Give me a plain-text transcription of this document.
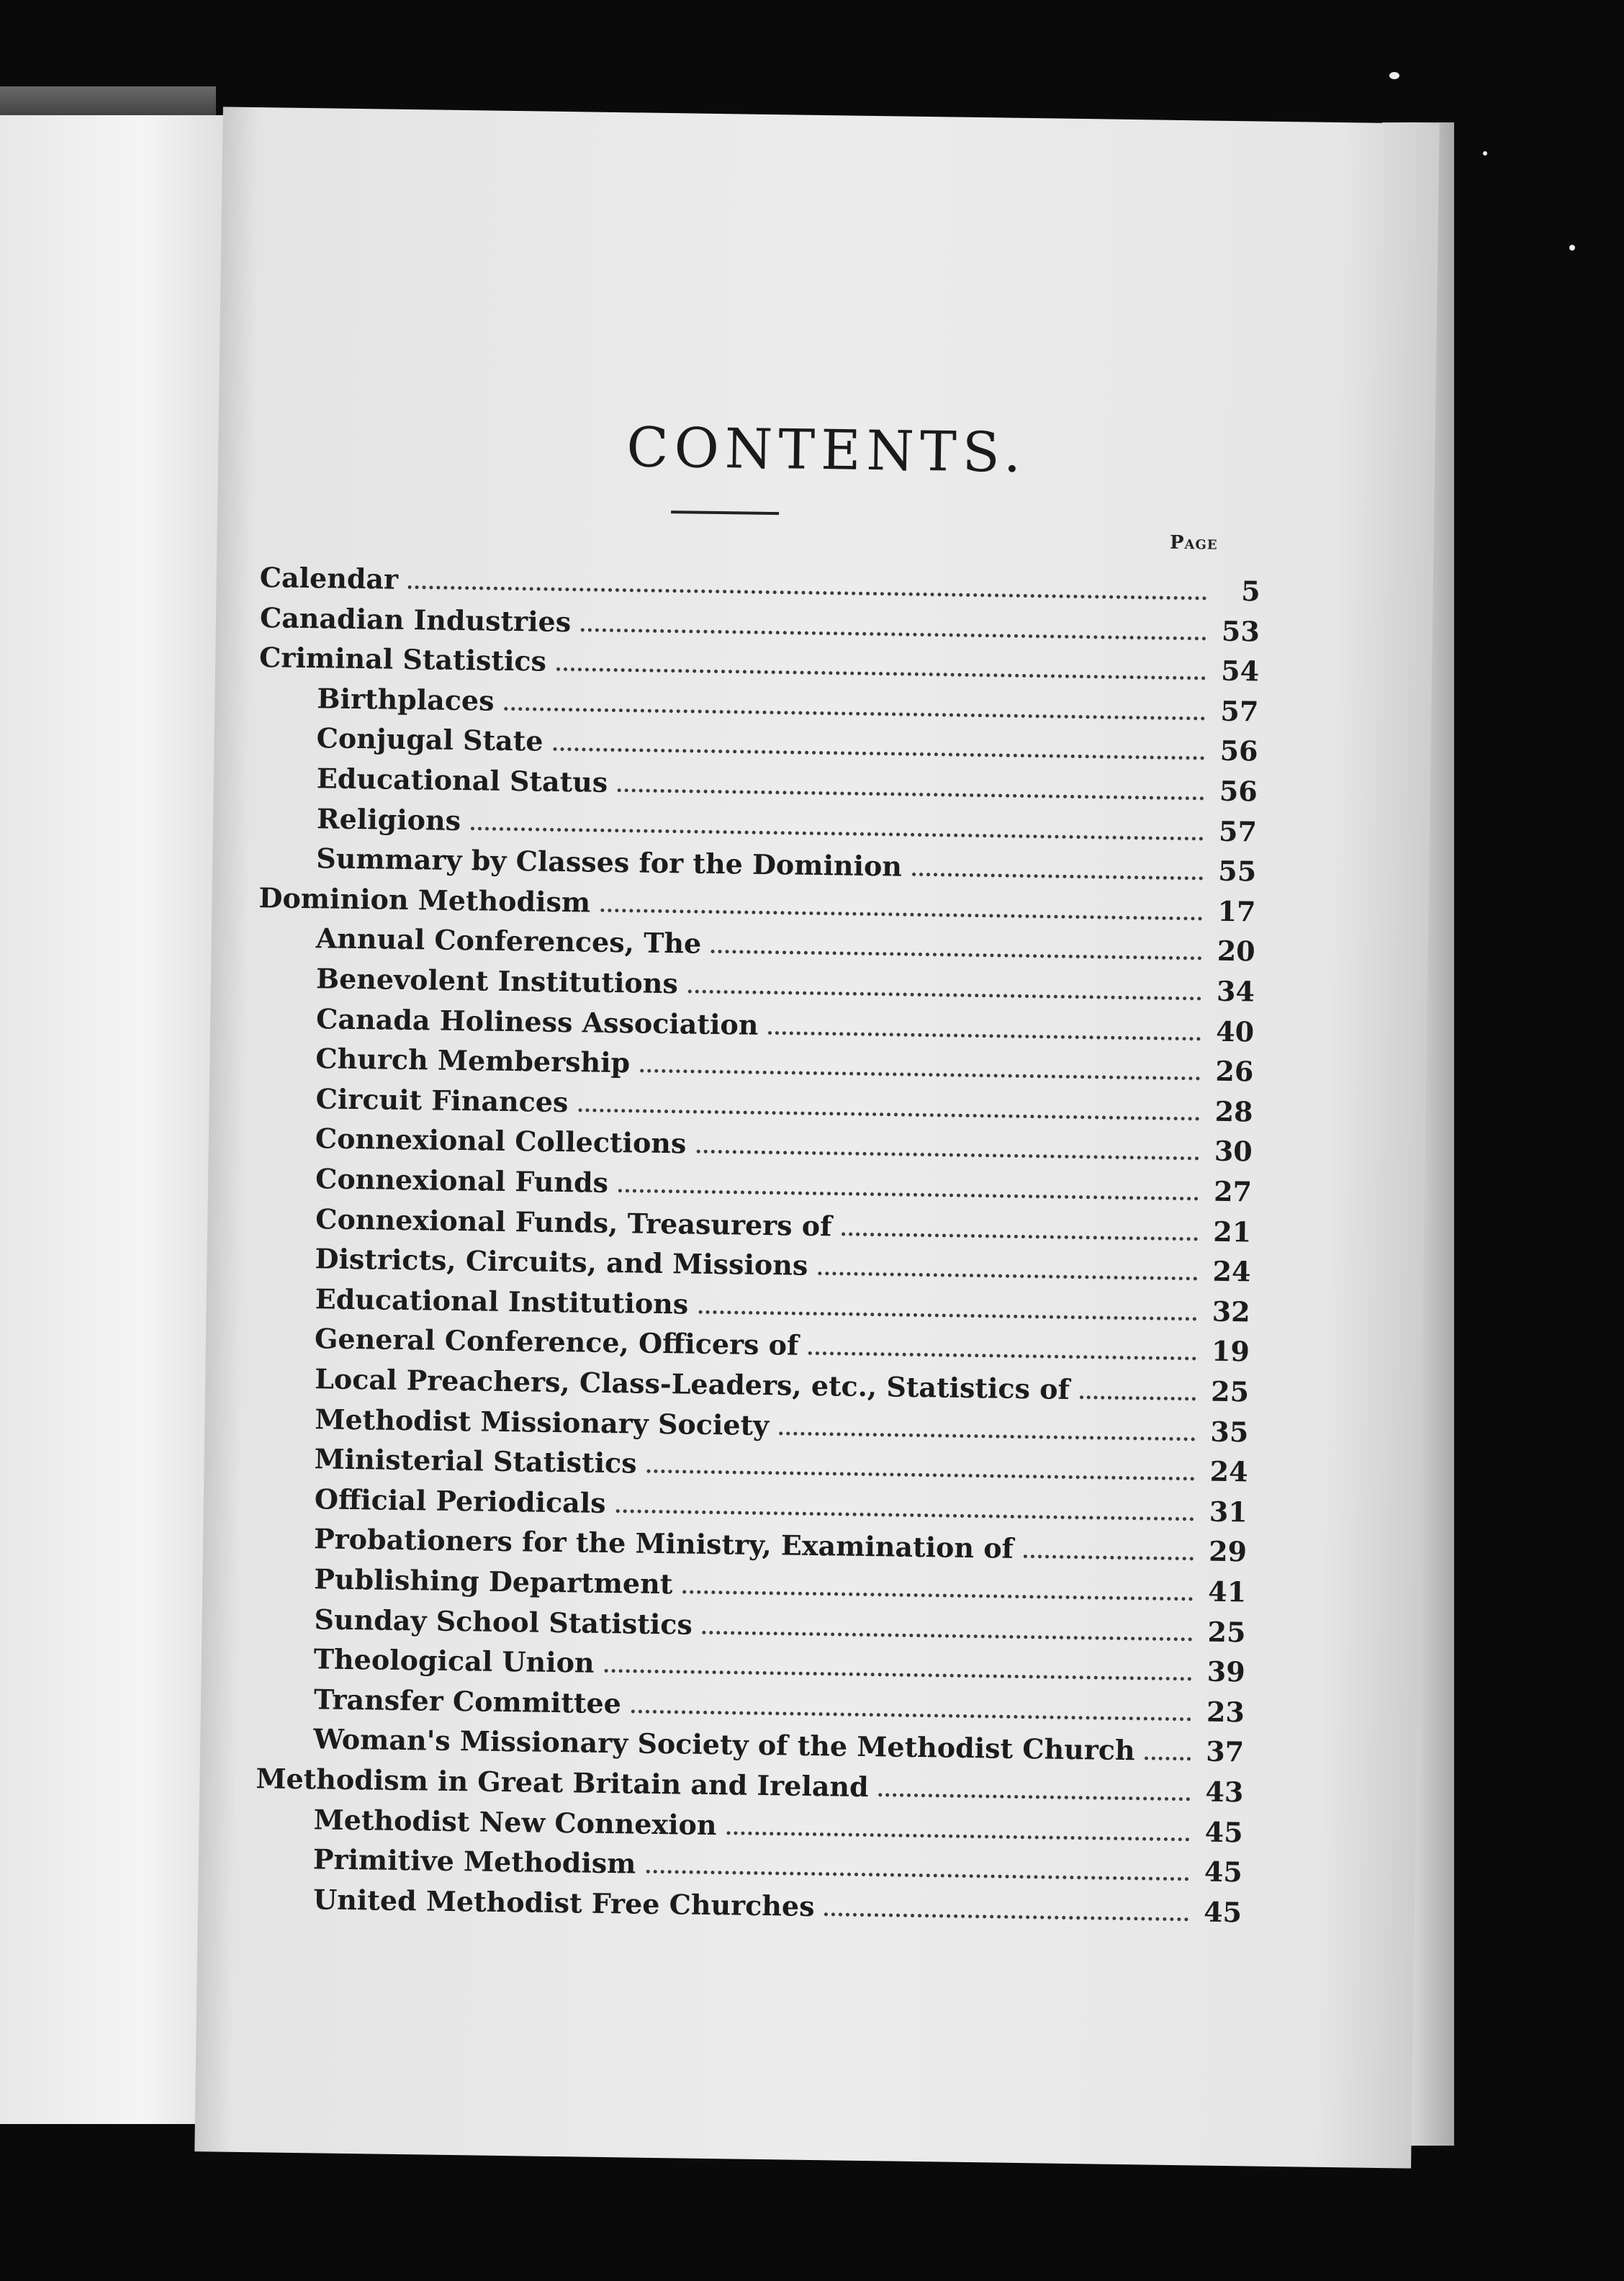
CONTENTS.
Page
Calendar	5
Canadian Industries	53
Criminal Statistics	54
Birthplaces	57
Conjugal State	56
Educational Status	56
Religions	57
Summary by Classes for the Dominion	55
Dominion Methodism	17
Annual Conferences, The	20
Benevolent Institutions	34
Canada Holiness Association	40
Church Membership	26
Circuit Finances	28
Connexional Collections	30
Connexional Funds	27
Connexional Funds, Treasurers of	21
Districts, Circuits, and Missions	24
Educational Institutions	32
General Conference, Officers of	19
Local Preachers, Class-Leaders, etc., Statistics of	25
Methodist Missionary Society	35
Ministerial Statistics	24
Official Periodicals	31
Probationers for the Ministry, Examination of	29
Publishing Department	41
Sunday School Statistics	25
Theological Union	39
Transfer Committee	23
Woman's Missionary Society of the Methodist Church	37
Methodism in Great Britain and Ireland	43
Methodist New Connexion	45
Primitive Methodism	45
United Methodist Free Churches	45
